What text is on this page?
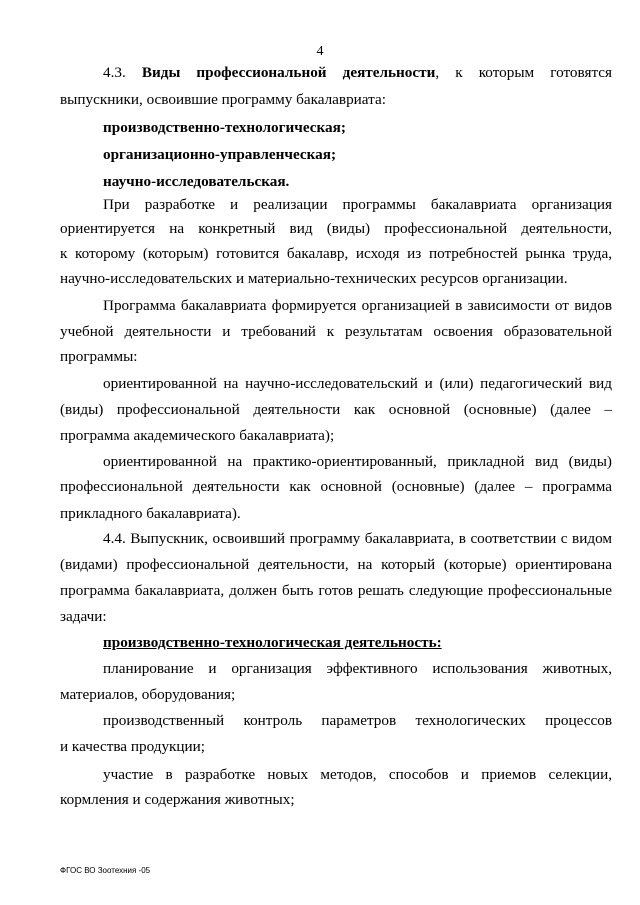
4
4.3. Виды профессиональной деятельности, к которым готовятся
выпускники, освоившие программу бакалавриата:
производственно-технологическая;
организационно-управленческая;
научно-исследовательская.
При разработке и реализации программы бакалавриата организация
ориентируется на конкретный вид (виды) профессиональной деятельности,
к которому (которым) готовится бакалавр, исходя из потребностей рынка труда,
научно-исследовательских и материально-технических ресурсов организации.
Программа бакалавриата формируется организацией в зависимости от видов
учебной деятельности и требований к результатам освоения образовательной
программы:
ориентированной на научно-исследовательский и (или) педагогический вид
(виды) профессиональной деятельности как основной (основные) (далее –
программа академического бакалавриата);
ориентированной на практико-ориентированный, прикладной вид (виды)
профессиональной деятельности как основной (основные) (далее – программа
прикладного бакалавриата).
4.4. Выпускник, освоивший программу бакалавриата, в соответствии с видом
(видами) профессиональной деятельности, на который (которые) ориентирована
программа бакалавриата, должен быть готов решать следующие профессиональные
задачи:
производственно-технологическая деятельность:
планирование и организация эффективного использования животных,
материалов, оборудования;
производственный контроль параметров технологических процессов
и качества продукции;
участие в разработке новых методов, способов и приемов селекции,
кормления и содержания животных;
ФГОС ВО Зоотехния -05
